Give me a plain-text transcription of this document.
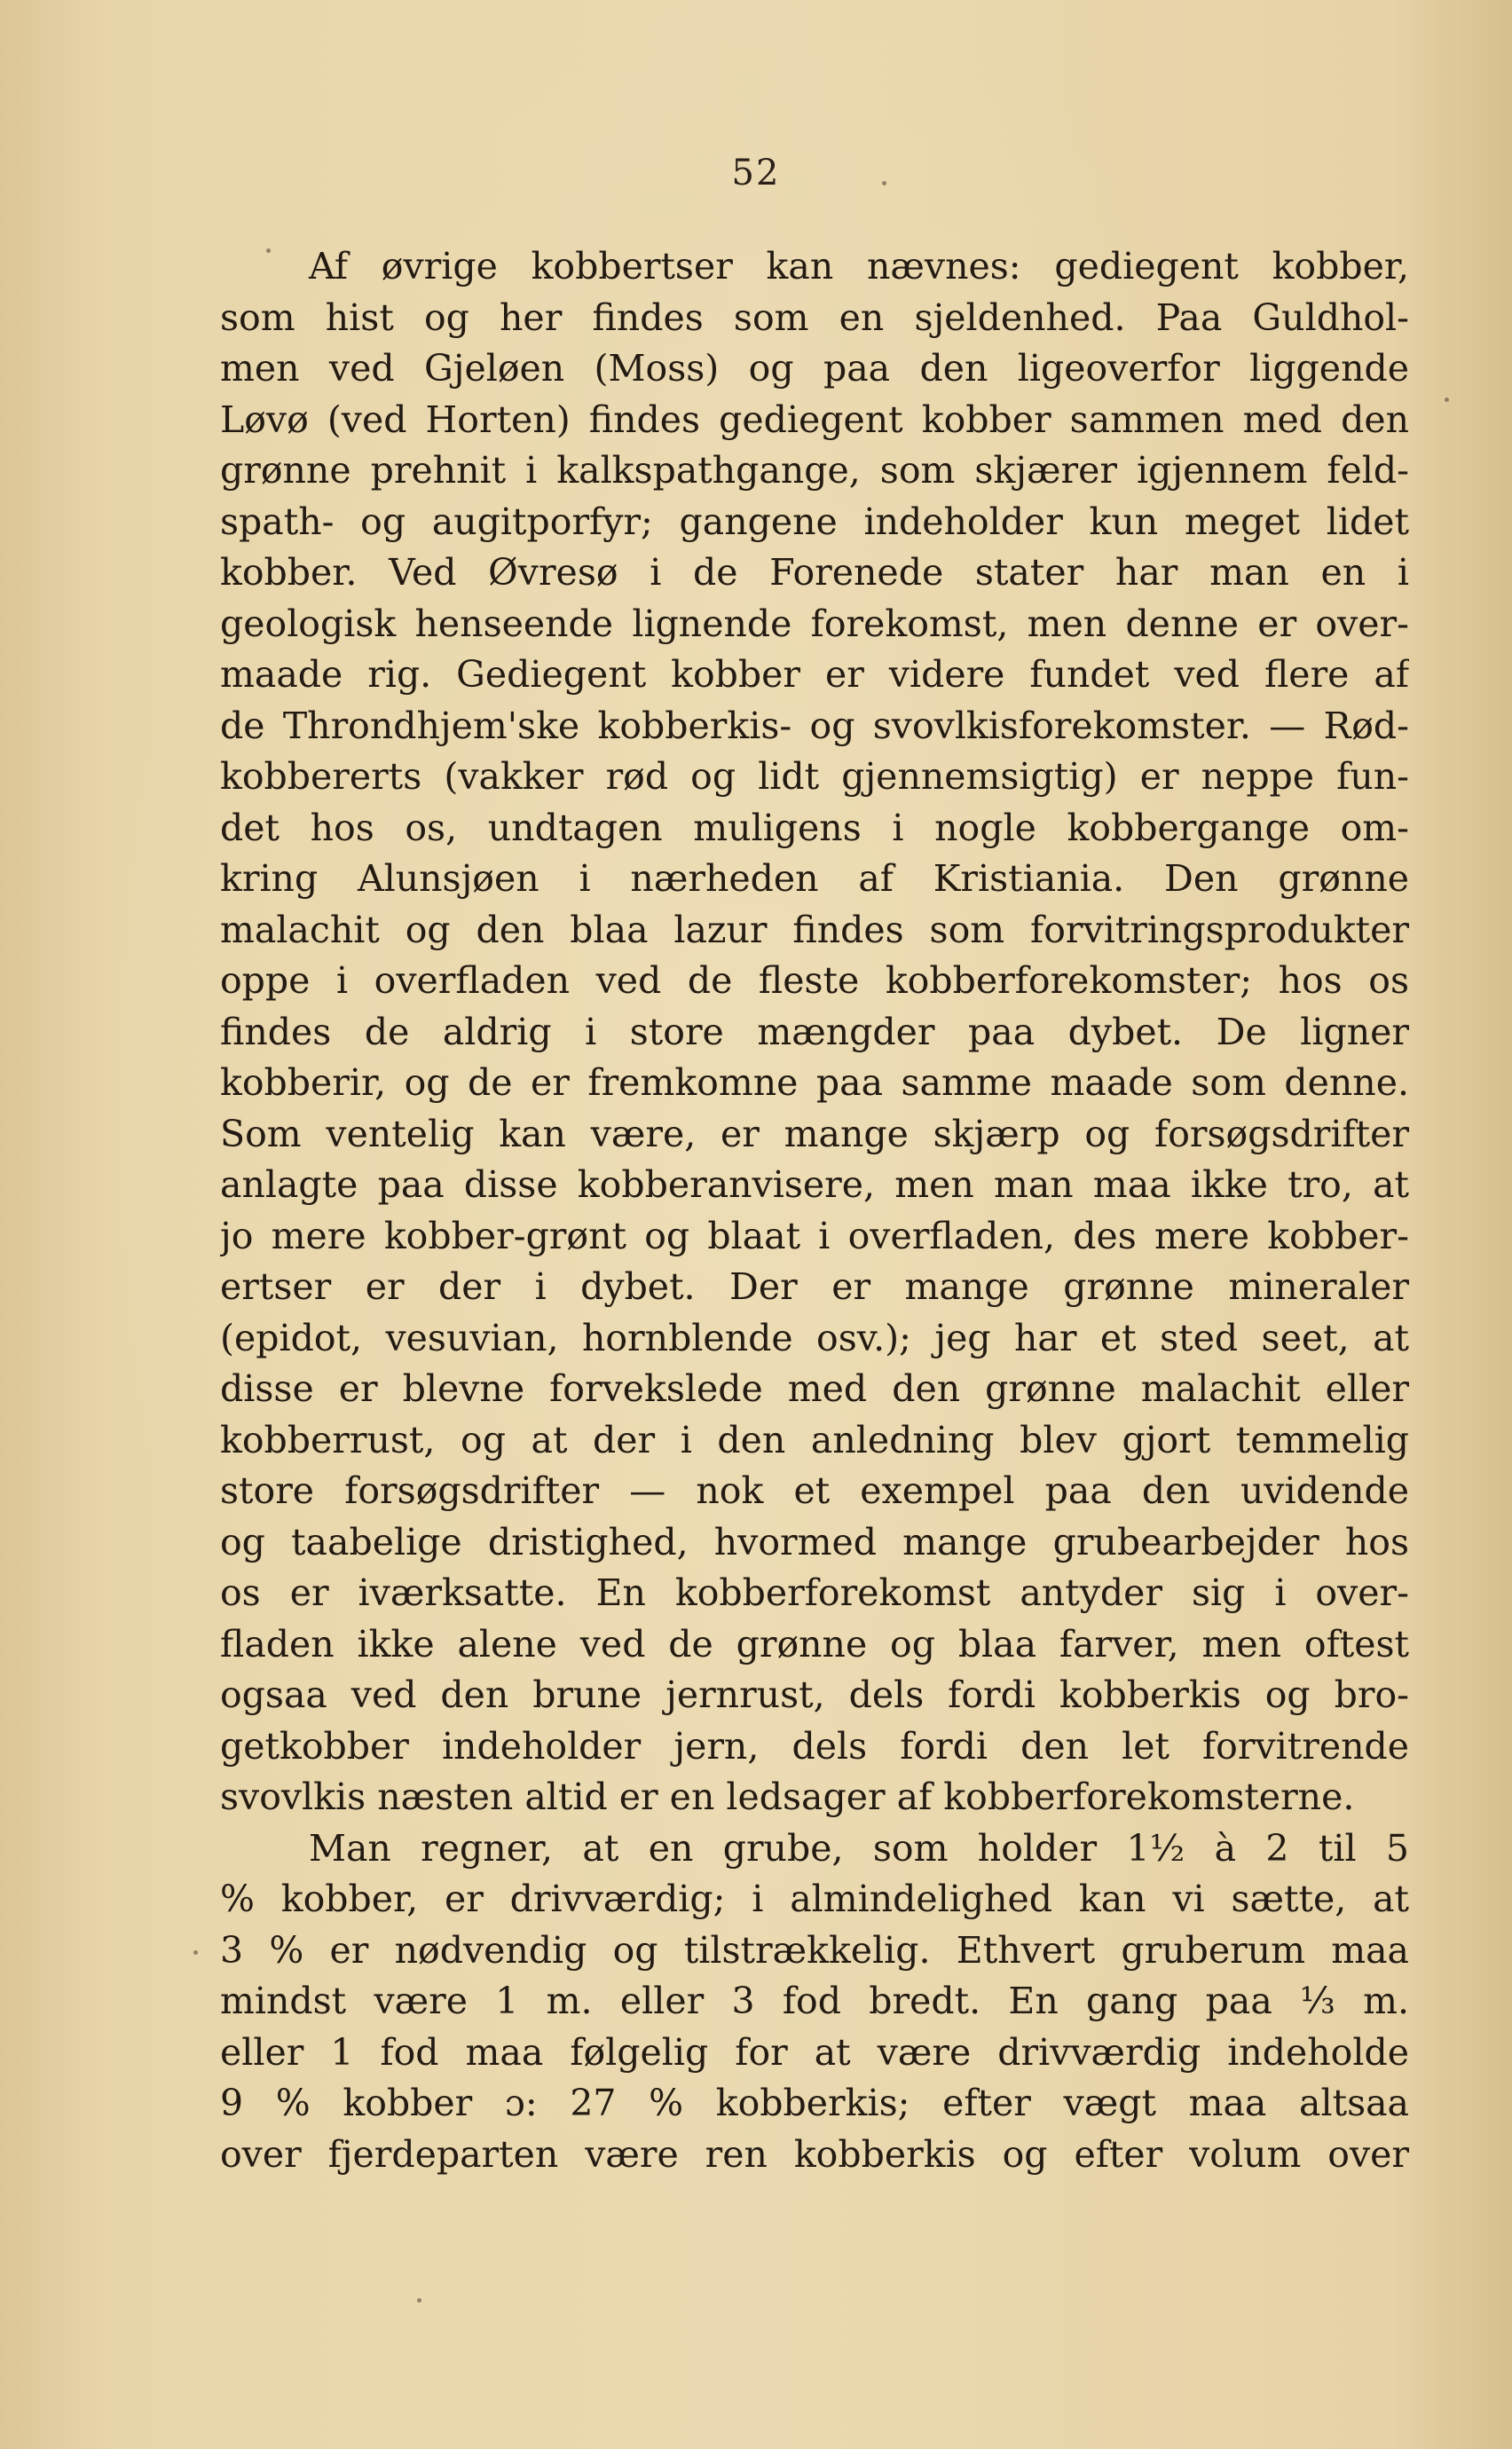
52
Af øvrige kobbertser kan nævnes: gediegent kobber,
som hist og her findes som en sjeldenhed. Paa Guldhol-
men ved Gjeløen (Moss) og paa den ligeoverfor liggende
Løvø (ved Horten) findes gediegent kobber sammen med den
grønne prehnit i kalkspathgange, som skjærer igjennem feld-
spath- og augitporfyr; gangene indeholder kun meget lidet
kobber. Ved Øvresø i de Forenede stater har man en i
geologisk henseende lignende forekomst, men denne er over-
maade rig. Gediegent kobber er videre fundet ved flere af
de Throndhjem'ske kobberkis- og svovlkisforekomster. — Rød-
kobbererts (vakker rød og lidt gjennemsigtig) er neppe fun-
det hos os, undtagen muligens i nogle kobbergange om-
kring Alunsjøen i nærheden af Kristiania. Den grønne
malachit og den blaa lazur findes som forvitringsprodukter
oppe i overfladen ved de fleste kobberforekomster; hos os
findes de aldrig i store mængder paa dybet. De ligner
kobberir, og de er fremkomne paa samme maade som denne.
Som ventelig kan være, er mange skjærp og forsøgsdrifter
anlagte paa disse kobberanvisere, men man maa ikke tro, at
jo mere kobber-grønt og blaat i overfladen, des mere kobber-
ertser er der i dybet. Der er mange grønne mineraler
(epidot, vesuvian, hornblende osv.); jeg har et sted seet, at
disse er blevne forvekslede med den grønne malachit eller
kobberrust, og at der i den anledning blev gjort temmelig
store forsøgsdrifter — nok et exempel paa den uvidende
og taabelige dristighed, hvormed mange grubearbejder hos
os er iværksatte. En kobberforekomst antyder sig i over-
fladen ikke alene ved de grønne og blaa farver, men oftest
ogsaa ved den brune jernrust, dels fordi kobberkis og bro-
getkobber indeholder jern, dels fordi den let forvitrende
svovlkis næsten altid er en ledsager af kobberforekomsterne.
Man regner, at en grube, som holder 1½ à 2 til 5
% kobber, er drivværdig; i almindelighed kan vi sætte, at
3 % er nødvendig og tilstrækkelig. Ethvert gruberum maa
mindst være 1 m. eller 3 fod bredt. En gang paa ⅓ m.
eller 1 fod maa følgelig for at være drivværdig indeholde
9 % kobber ɔ: 27 % kobberkis; efter vægt maa altsaa
over fjerdeparten være ren kobberkis og efter volum over
